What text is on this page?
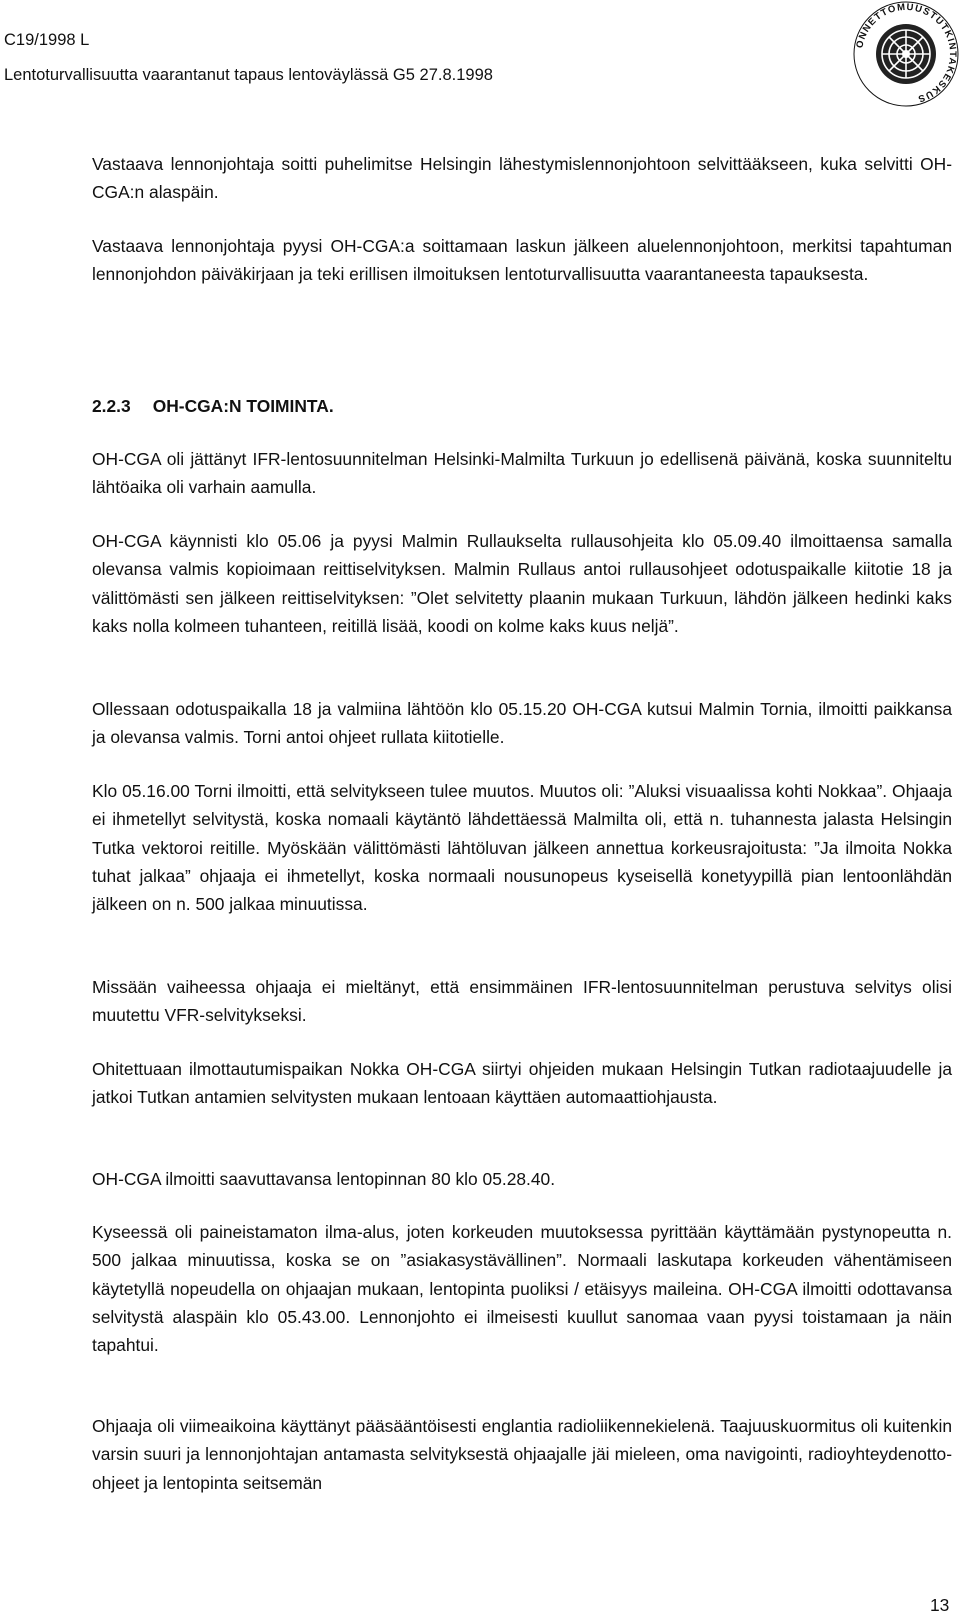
C19/1998 L
Lentoturvallisuutta vaarantanut tapaus lentoväylässä G5 27.8.1998
ONNETTOMUUSTUTKINTAKESKUS

Vastaava lennonjohtaja soitti puhelimitse Helsingin lähestymislennonjohtoon selvittääkseen, kuka selvitti OH-CGA:n alaspäin.

Vastaava lennonjohtaja pyysi OH-CGA:a soittamaan laskun jälkeen aluelennonjohtoon, merkitsi tapahtuman lennonjohdon päiväkirjaan ja teki erillisen ilmoituksen lentoturvallisuutta vaarantaneesta tapauksesta.

2.2.3 OH-CGA:N TOIMINTA.

OH-CGA oli jättänyt IFR-lentosuunnitelman Helsinki-Malmilta Turkuun jo edellisenä päivänä, koska suunniteltu lähtöaika oli varhain aamulla.

OH-CGA käynnisti klo 05.06 ja pyysi Malmin Rullaukselta rullausohjeita klo 05.09.40 ilmoittaensa samalla olevansa valmis kopioimaan reittiselvityksen. Malmin Rullaus antoi rullausohjeet odotuspaikalle kiitotie 18 ja välittömästi sen jälkeen reittiselvityksen: ”Olet selvitetty plaanin mukaan Turkuun, lähdön jälkeen hedinki kaks kaks nolla kolmeen tuhanteen, reitillä lisää, koodi on kolme kaks kuus neljä”.

Ollessaan odotuspaikalla 18 ja valmiina lähtöön klo 05.15.20 OH-CGA kutsui Malmin Tornia, ilmoitti paikkansa ja olevansa valmis. Torni antoi ohjeet rullata kiitotielle.

Klo 05.16.00 Torni ilmoitti, että selvitykseen tulee muutos. Muutos oli: ”Aluksi visuaalissa kohti Nokkaa”. Ohjaaja ei ihmetellyt selvitystä, koska nomaali käytäntö lähdettäessä Malmilta oli, että n. tuhannesta jalasta Helsingin Tutka vektoroi reitille. Myöskään välittömästi lähtöluvan jälkeen annettua korkeusrajoitusta: ”Ja ilmoita Nokka tuhat jalkaa” ohjaaja ei ihmetellyt, koska normaali nousunopeus kyseisellä konetyypillä pian lentoonlähdän jälkeen on n. 500 jalkaa minuutissa.

Missään vaiheessa ohjaaja ei mieltänyt, että ensimmäinen IFR-lentosuunnitelman perustuva selvitys olisi muutettu VFR-selvitykseksi.

Ohitettuaan ilmottautumispaikan Nokka OH-CGA siirtyi ohjeiden mukaan Helsingin Tutkan radiotaajuudelle ja jatkoi Tutkan antamien selvitysten mukaan lentoaan käyttäen automaattiohjausta.

OH-CGA ilmoitti saavuttavansa lentopinnan 80 klo 05.28.40.

Kyseessä oli paineistamaton ilma-alus, joten korkeuden muutoksessa pyrittään käyttämään pystynopeutta n. 500 jalkaa minuutissa, koska se on ”asiakasystävällinen”. Normaali laskutapa korkeuden vähentämiseen käytetyllä nopeudella on ohjaajan mukaan, lentopinta puoliksi / etäisyys maileina. OH-CGA ilmoitti odottavansa selvitystä alaspäin klo 05.43.00. Lennonjohto ei ilmeisesti kuullut sanomaa vaan pyysi toistamaan ja näin tapahtui.

Ohjaaja oli viimeaikoina käyttänyt pääsääntöisesti englantia radioliikennekielenä. Taajuuskuormitus oli kuitenkin varsin suuri ja lennonjohtajan antamasta selvityksestä ohjaajalle jäi mieleen, oma navigointi, radioyhteydenotto-ohjeet ja lentopinta seitsemän

13
